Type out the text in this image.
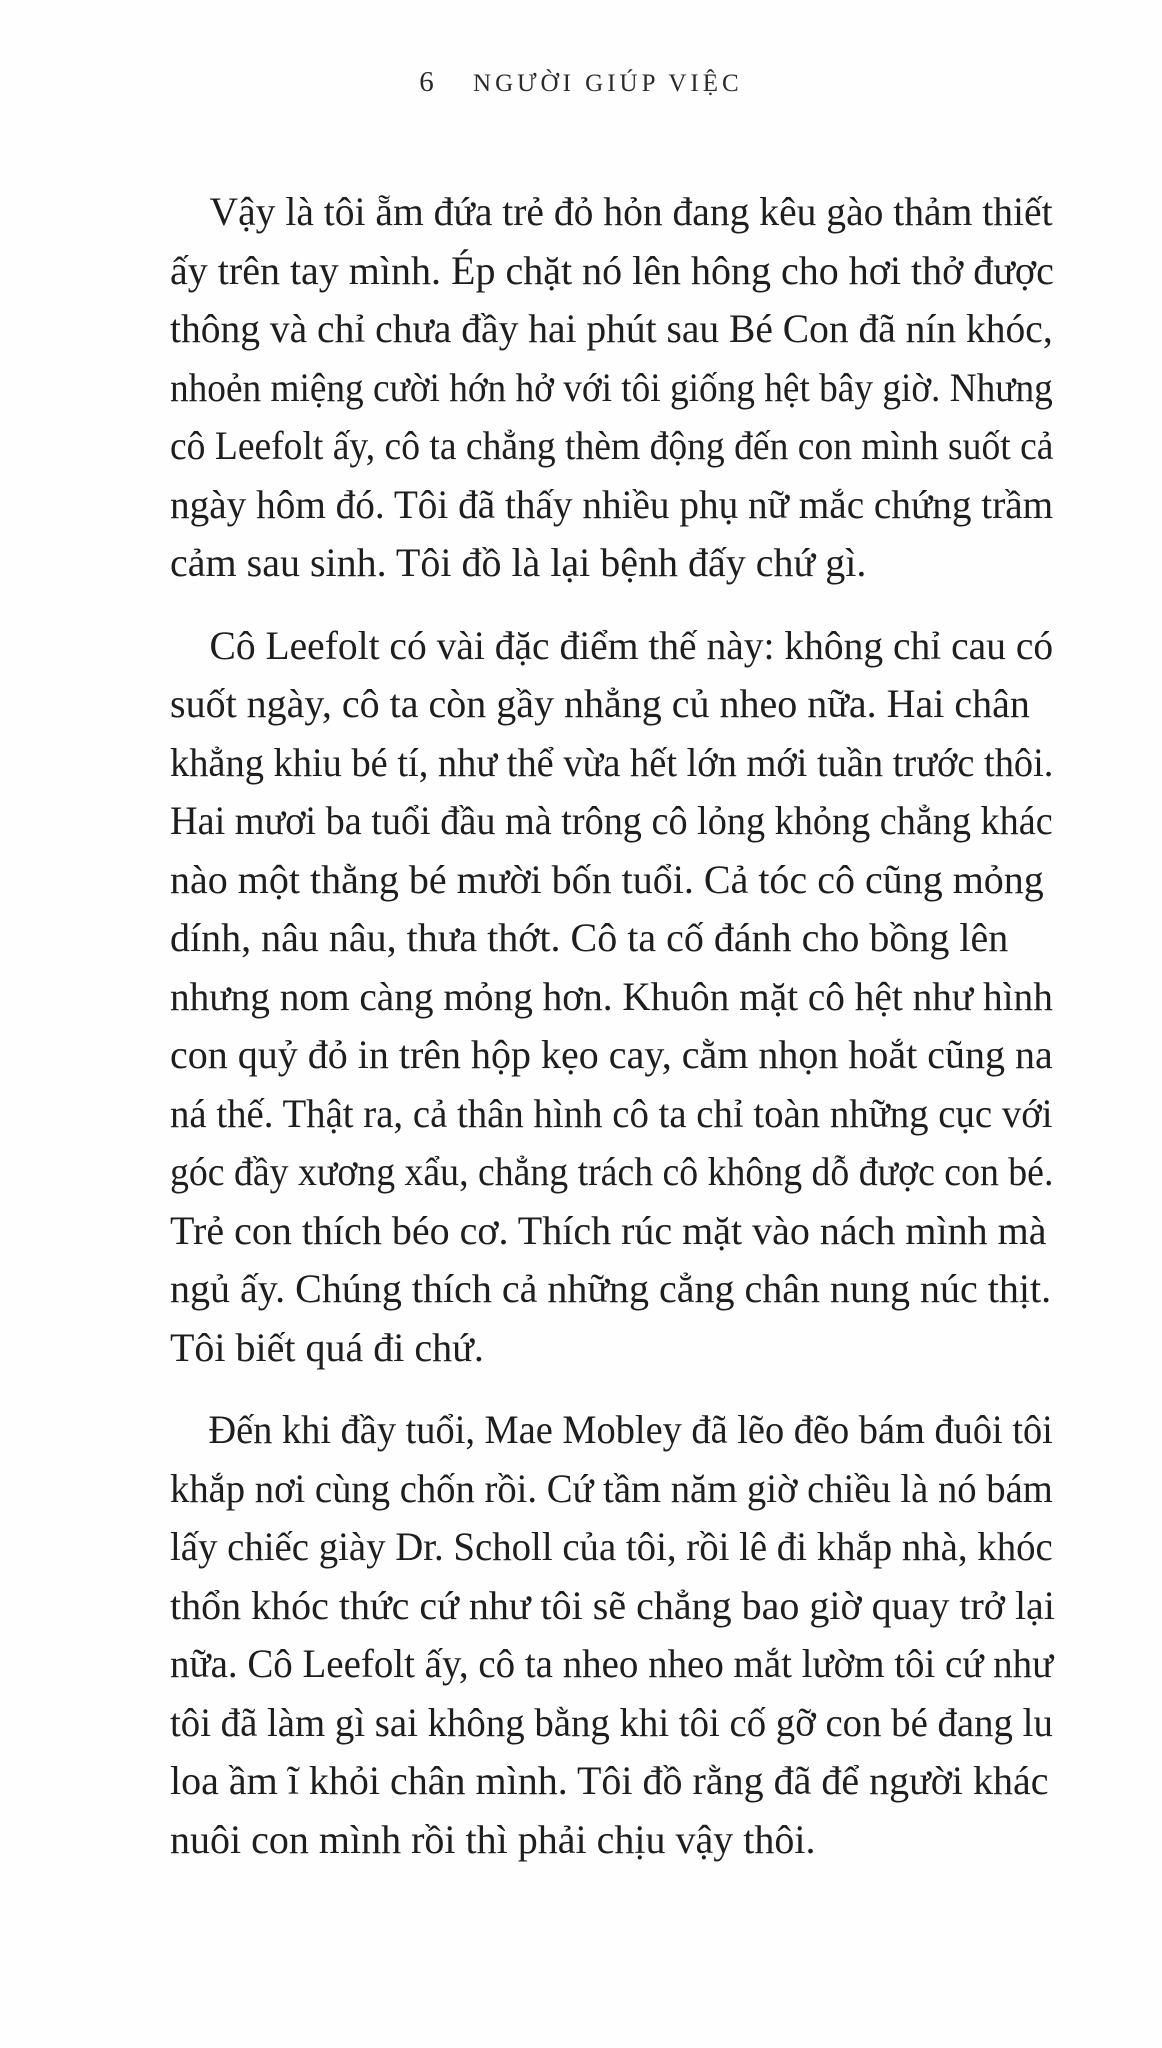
6 NGƯỜI GIÚP VIỆC

Vậy là tôi ẵm đứa trẻ đỏ hỏn đang kêu gào thảm thiết
ấy trên tay mình. Ép chặt nó lên hông cho hơi thở được
thông và chỉ chưa đầy hai phút sau Bé Con đã nín khóc,
nhoẻn miệng cười hớn hở với tôi giống hệt bây giờ. Nhưng
cô Leefolt ấy, cô ta chẳng thèm động đến con mình suốt cả
ngày hôm đó. Tôi đã thấy nhiều phụ nữ mắc chứng trầm
cảm sau sinh. Tôi đồ là lại bệnh đấy chứ gì.

Cô Leefolt có vài đặc điểm thế này: không chỉ cau có
suốt ngày, cô ta còn gầy nhẳng củ nheo nữa. Hai chân
khẳng khiu bé tí, như thể vừa hết lớn mới tuần trước thôi.
Hai mươi ba tuổi đầu mà trông cô lỏng khỏng chẳng khác
nào một thằng bé mười bốn tuổi. Cả tóc cô cũng mỏng
dính, nâu nâu, thưa thớt. Cô ta cố đánh cho bồng lên
nhưng nom càng mỏng hơn. Khuôn mặt cô hệt như hình
con quỷ đỏ in trên hộp kẹo cay, cằm nhọn hoắt cũng na
ná thế. Thật ra, cả thân hình cô ta chỉ toàn những cục với
góc đầy xương xẩu, chẳng trách cô không dỗ được con bé.
Trẻ con thích béo cơ. Thích rúc mặt vào nách mình mà
ngủ ấy. Chúng thích cả những cẳng chân nung núc thịt.
Tôi biết quá đi chứ.

Đến khi đầy tuổi, Mae Mobley đã lẽo đẽo bám đuôi tôi
khắp nơi cùng chốn rồi. Cứ tầm năm giờ chiều là nó bám
lấy chiếc giày Dr. Scholl của tôi, rồi lê đi khắp nhà, khóc
thổn khóc thức cứ như tôi sẽ chẳng bao giờ quay trở lại
nữa. Cô Leefolt ấy, cô ta nheo nheo mắt lườm tôi cứ như
tôi đã làm gì sai không bằng khi tôi cố gỡ con bé đang lu
loa ầm ĩ khỏi chân mình. Tôi đồ rằng đã để người khác
nuôi con mình rồi thì phải chịu vậy thôi.
